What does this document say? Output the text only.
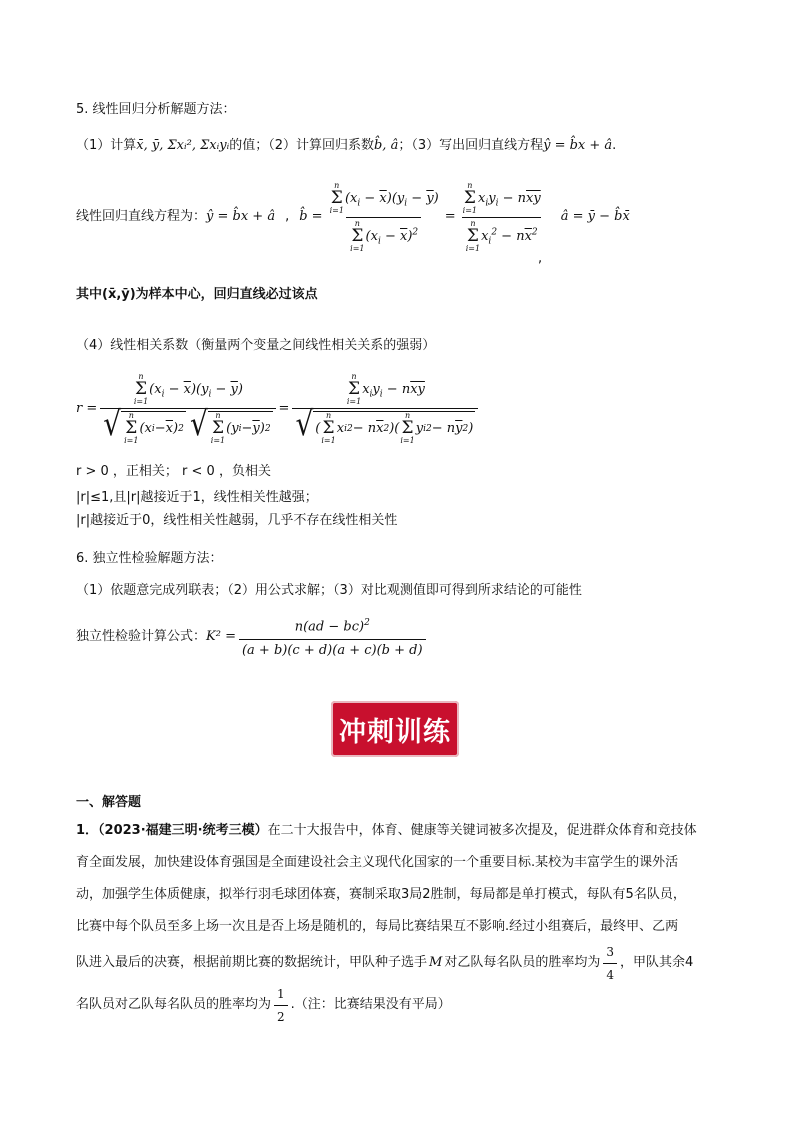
5. 线性回归分析解题方法：
（1）计算x̄, ȳ, Σxᵢ², Σxᵢyᵢ的值；（2）计算回归系数b̂, â；（3）写出回归直线方程ŷ = b̂x + â.
线性回归直线方程为： ŷ = b̂x + â , b̂ = n
Σ
i=1
$(x_i - \overline{x})(y_i - \overline{y})$
n
Σ
i=1
$(x_i - \overline{x})^2 = n$
Σ
i=1
$x_iy_i - n\overline{xy}$
n
Σ
i=1
$x_i^2 - n\overline{x}^2$ â = ȳ − b̂x̄
,
其中(x̄,ȳ)为样本中心，回归直线必过该点
（4）线性相关系数（衡量两个变量之间线性相关关系的强弱）
r = n
Σ
i=1
$(x_i - \overline{x})(y_i - \overline{y})$
√ n
Σ
i=1
(x $i - \overline{x}$ ) 2
√ n
Σ
i=1
(y $i - \overline{y}$ ) 2 = n
Σ
i=1
$x_iy_i - n\overline{xy}$
√ (
n
Σ
i=1
x i 2 − n $\overline{x}$ 2 )(
n
Σ
i=1
y i 2 − n $\overline{y}$ 2 )
r > 0 ，正相关； r < 0 ，负相关
|r|≤1,且|r|越接近于1，线性相关性越强；
|r|越接近于0，线性相关性越弱，几乎不存在线性相关性
6. 独立性检验解题方法：
（1）依题意完成列联表；（2）用公式求解；（3）对比观测值即可得到所求结论的可能性
独立性检验计算公式： $K^2 = \frac{n(ad - bc)^2}{(a + b)(c + d)(a + c)(b + d)}$
冲刺训练
一、解答题
1．（2023·福建三明·统考三模）在二十大报告中，体育、健康等关键词被多次提及，促进群众体育和竞技体
育全面发展，加快建设体育强国是全面建设社会主义现代化国家的一个重要目标.某校为丰富学生的课外活
动，加强学生体质健康，拟举行羽毛球团体赛，赛制采取3局2胜制，每局都是单打模式，每队有5名队员，
比赛中每个队员至多上场一次且是否上场是随机的，每局比赛结果互不影响.经过小组赛后，最终甲、乙两
队进入最后的决赛，根据前期比赛的数据统计，甲队种子选手 M 对乙队每名队员的胜率均为 $\frac{3}{4}$ ，甲队其余4
名队员对乙队每名队员的胜率均为 $\frac{1}{2}$ .（注：比赛结果没有平局）
